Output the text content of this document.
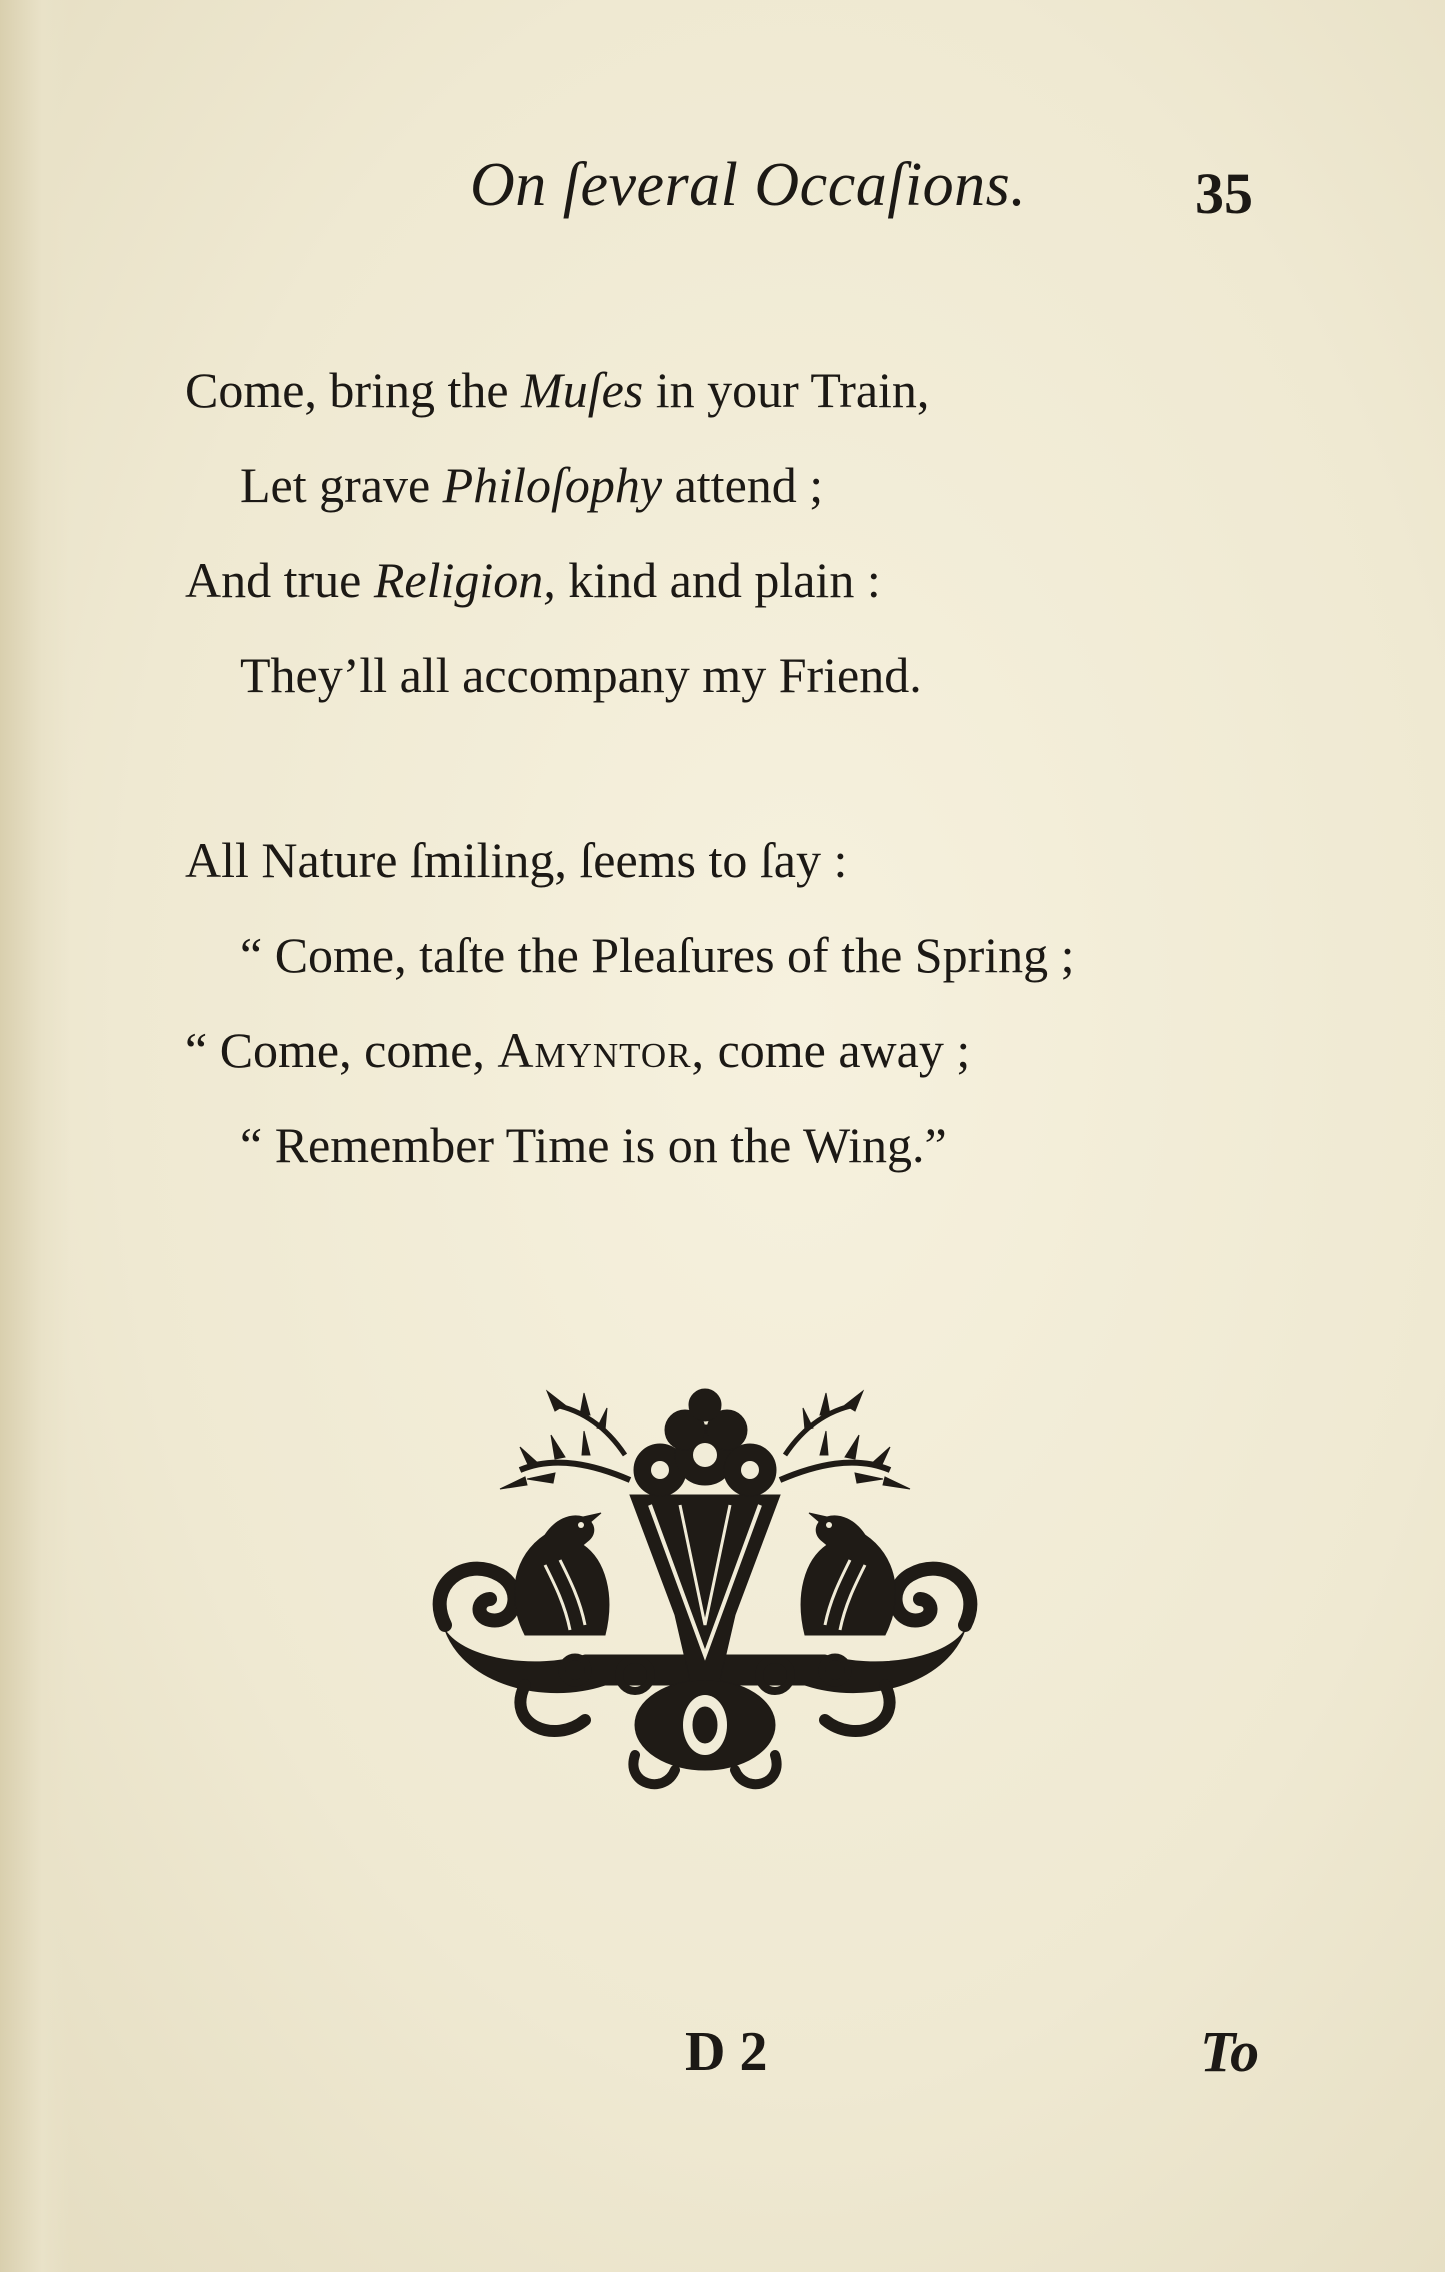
On ſeveral Occaſions.	35
Come, bring the Muſes in your Train,
Let grave Philoſophy attend ;
And true Religion, kind and plain :
They’ll all accompany my Friend.
All Nature ſmiling, ſeems to ſay :
“ Come, taſte the Pleaſures of the Spring ;
“ Come, come, Amyntor, come away ;
“ Remember Time is on the Wing.”
D 2	To
